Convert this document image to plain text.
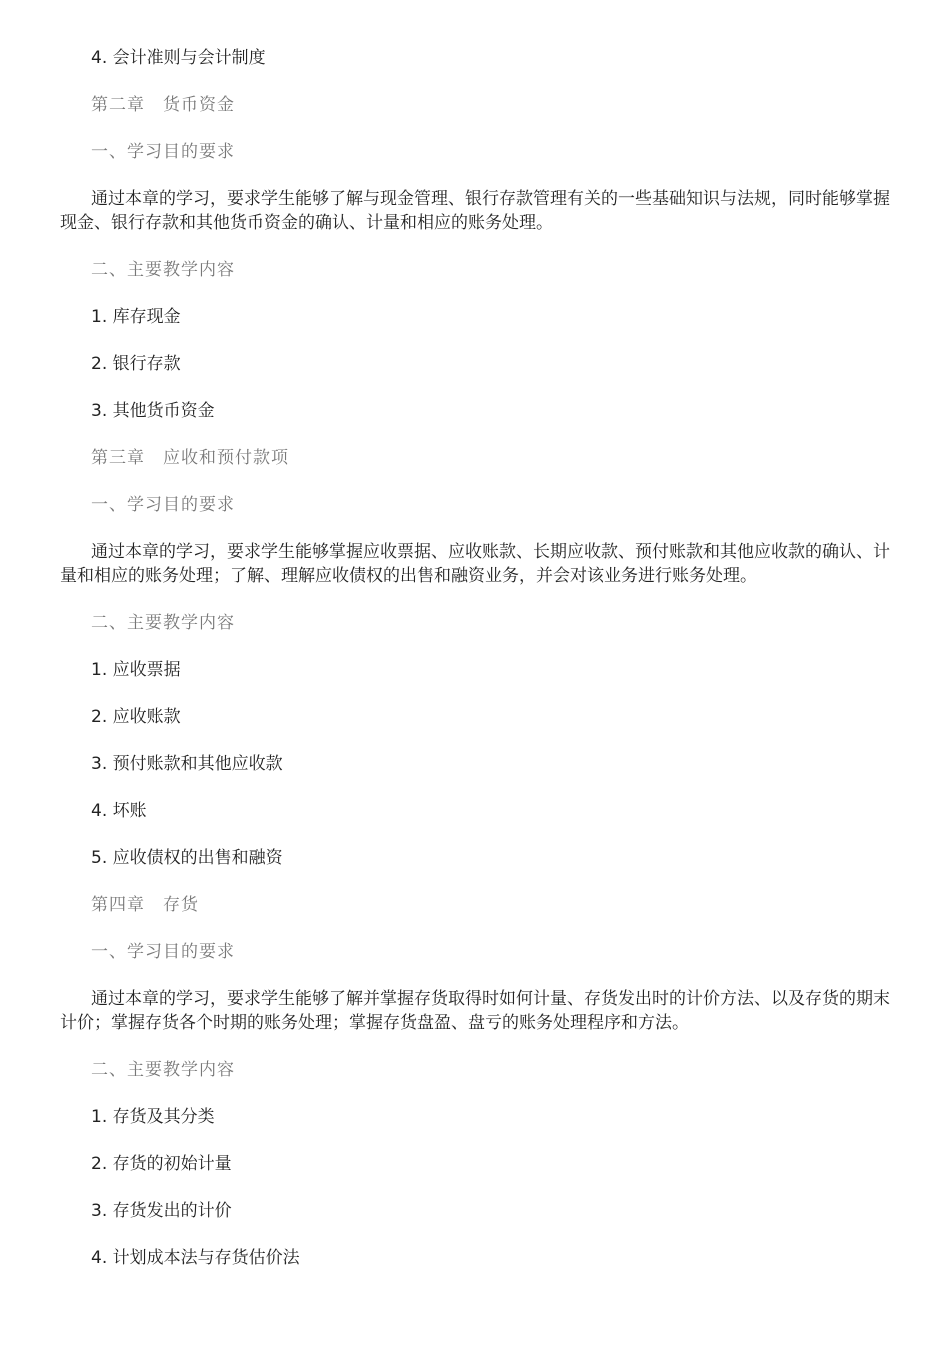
4. 会计准则与会计制度

第二章　货币资金

一、学习目的要求

通过本章的学习，要求学生能够了解与现金管理、银行存款管理有关的一些基础知识与法规，同时能够掌握现金、银行存款和其他货币资金的确认、计量和相应的账务处理。

二、主要教学内容

1. 库存现金

2. 银行存款

3. 其他货币资金

第三章　应收和预付款项

一、学习目的要求

通过本章的学习，要求学生能够掌握应收票据、应收账款、长期应收款、预付账款和其他应收款的确认、计量和相应的账务处理；了解、理解应收债权的出售和融资业务，并会对该业务进行账务处理。

二、主要教学内容

1. 应收票据

2. 应收账款

3. 预付账款和其他应收款

4. 坏账

5. 应收债权的出售和融资

第四章　存货

一、学习目的要求

通过本章的学习，要求学生能够了解并掌握存货取得时如何计量、存货发出时的计价方法、以及存货的期末计价；掌握存货各个时期的账务处理；掌握存货盘盈、盘亏的账务处理程序和方法。

二、主要教学内容

1. 存货及其分类

2. 存货的初始计量

3. 存货发出的计价

4. 计划成本法与存货估价法
